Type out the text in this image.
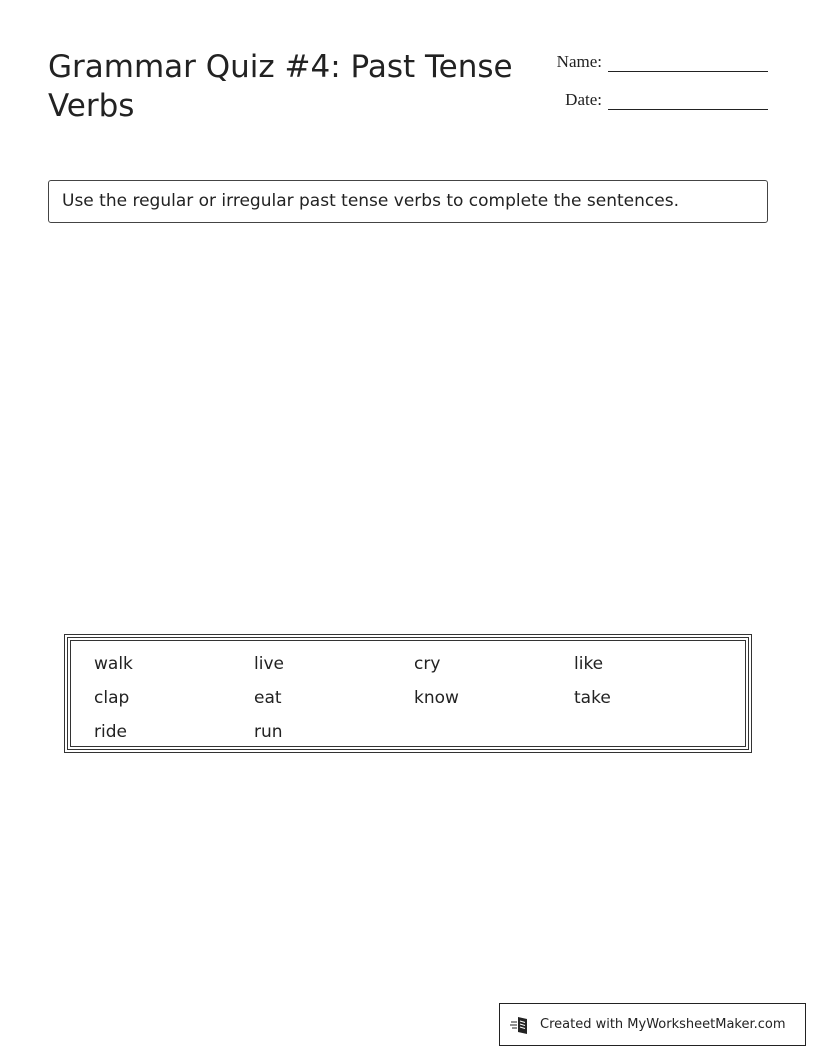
Grammar Quiz #4: Past Tense Verbs
Name:
Date:
Use the regular or irregular past tense verbs to complete the sentences.
walk	live	cry	like
clap	eat	know	take
ride	run
Created with MyWorksheetMaker.com
